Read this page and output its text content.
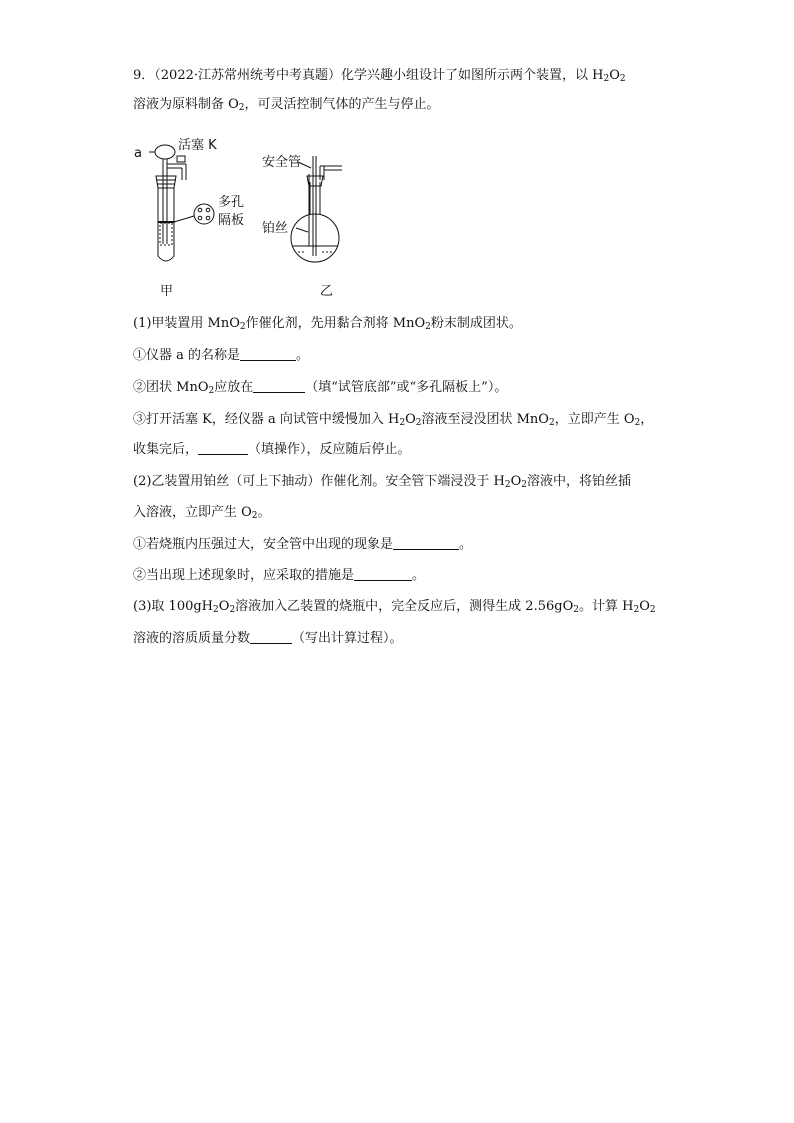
9．（2022·江苏常州统考中考真题）化学兴趣小组设计了如图所示两个装置，以 $H_2O_2$
溶液为原料制备 $O_2$，可灵活控制气体的产生与停止。
a
活塞 K
多孔
隔板
安全管
铂丝
甲	乙
(1)甲装置用 MnO$_2$作催化剂，先用黏合剂将 MnO$_2$粉末制成团状。
①仪器 a 的名称是	。
②团状 MnO$_2$应放在	（填“试管底部”或“多孔隔板上”）。
③打开活塞 K，经仪器 a 向试管中缓慢加入 $H_2O_2$溶液至浸没团状 MnO$_2$，立即产生 $O_2$，
收集完后，	（填操作），反应随后停止。
(2)乙装置用铂丝（可上下抽动）作催化剂。安全管下端浸没于 $H_2O_2$溶液中，将铂丝插
入溶液，立即产生 $O_2$。
①若烧瓶内压强过大，安全管中出现的现象是	。
②当出现上述现象时，应采取的措施是	。
(3)取 $100gH_2O_2$溶液加入乙装置的烧瓶中，完全反应后，测得生成 $2.56gO_2$。计算 $H_2O_2$
溶液的溶质质量分数	（写出计算过程）。
